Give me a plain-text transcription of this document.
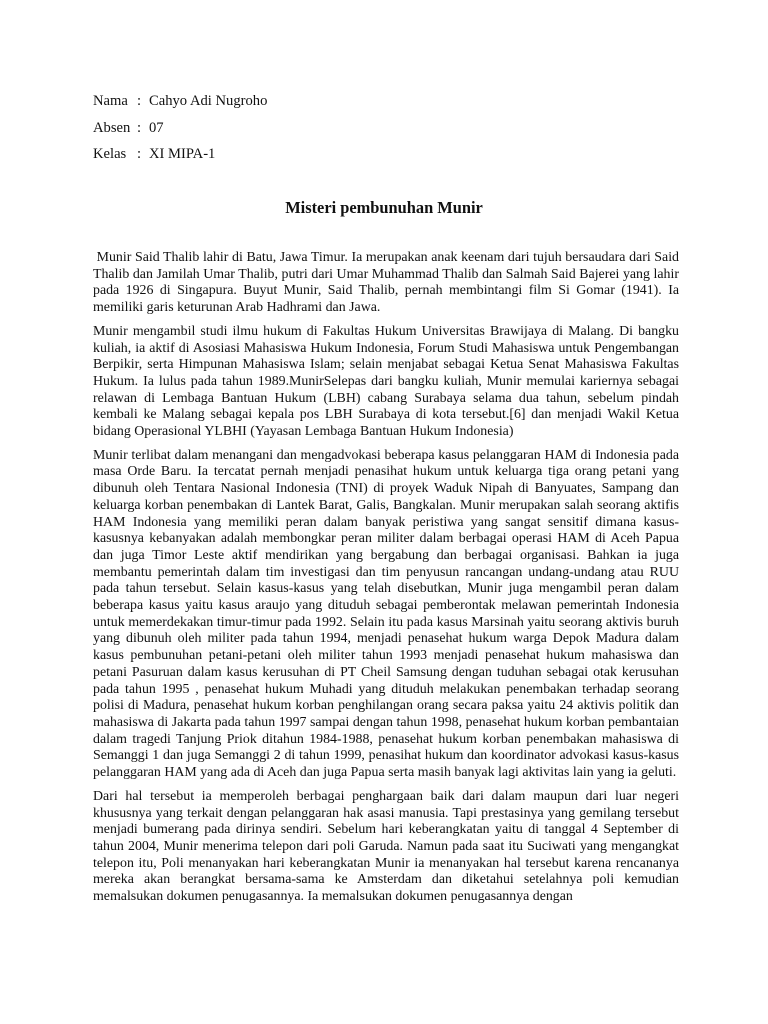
Nama : Cahyo Adi Nugroho
Absen : 07
Kelas : XI MIPA-1
Misteri pembunuhan Munir

Munir Said Thalib lahir di Batu, Jawa Timur. Ia merupakan anak keenam dari tujuh bersaudara dari Said Thalib dan Jamilah Umar Thalib, putri dari Umar Muhammad Thalib dan Salmah Said Bajerei yang lahir pada 1926 di Singapura. Buyut Munir, Said Thalib, pernah membintangi film Si Gomar (1941). Ia memiliki garis keturunan Arab Hadhrami dan Jawa.

Munir mengambil studi ilmu hukum di Fakultas Hukum Universitas Brawijaya di Malang. Di bangku kuliah, ia aktif di Asosiasi Mahasiswa Hukum Indonesia, Forum Studi Mahasiswa untuk Pengembangan Berpikir, serta Himpunan Mahasiswa Islam; selain menjabat sebagai Ketua Senat Mahasiswa Fakultas Hukum. Ia lulus pada tahun 1989.MunirSelepas dari bangku kuliah, Munir memulai kariernya sebagai relawan di Lembaga Bantuan Hukum (LBH) cabang Surabaya selama dua tahun, sebelum pindah kembali ke Malang sebagai kepala pos LBH Surabaya di kota tersebut.[6] dan menjadi Wakil Ketua bidang Operasional YLBHI (Yayasan Lembaga Bantuan Hukum Indonesia)

Munir terlibat dalam menangani dan mengadvokasi beberapa kasus pelanggaran HAM di Indonesia pada masa Orde Baru. Ia tercatat pernah menjadi penasihat hukum untuk keluarga tiga orang petani yang dibunuh oleh Tentara Nasional Indonesia (TNI) di proyek Waduk Nipah di Banyuates, Sampang dan keluarga korban penembakan di Lantek Barat, Galis, Bangkalan. Munir merupakan salah seorang aktifis HAM Indonesia yang memiliki peran dalam banyak peristiwa yang sangat sensitif dimana kasus-kasusnya kebanyakan adalah membongkar peran militer dalam berbagai operasi HAM di Aceh Papua dan juga Timor Leste aktif mendirikan yang bergabung dan berbagai organisasi. Bahkan ia juga membantu pemerintah dalam tim investigasi dan tim penyusun rancangan undang-undang atau RUU pada tahun tersebut. Selain kasus-kasus yang telah disebutkan, Munir juga mengambil peran dalam beberapa kasus yaitu kasus araujo yang dituduh sebagai pemberontak melawan pemerintah Indonesia untuk memerdekakan timur-timur pada 1992. Selain itu pada kasus Marsinah yaitu seorang aktivis buruh yang dibunuh oleh militer pada tahun 1994, menjadi penasehat hukum warga Depok Madura dalam kasus pembunuhan petani-petani oleh militer tahun 1993 menjadi penasehat hukum mahasiswa dan petani Pasuruan dalam kasus kerusuhan di PT Cheil Samsung dengan tuduhan sebagai otak kerusuhan pada tahun 1995 , penasehat hukum Muhadi yang dituduh melakukan penembakan terhadap seorang polisi di Madura, penasehat hukum korban penghilangan orang secara paksa yaitu 24 aktivis politik dan mahasiswa di Jakarta pada tahun 1997 sampai dengan tahun 1998, penasehat hukum korban pembantaian dalam tragedi Tanjung Priok ditahun 1984-1988, penasehat hukum korban penembakan mahasiswa di Semanggi 1 dan juga Semanggi 2 di tahun 1999, penasihat hukum dan koordinator advokasi kasus-kasus pelanggaran HAM yang ada di Aceh dan juga Papua serta masih banyak lagi aktivitas lain yang ia geluti.

Dari hal tersebut ia memperoleh berbagai penghargaan baik dari dalam maupun dari luar negeri khususnya yang terkait dengan pelanggaran hak asasi manusia. Tapi prestasinya yang gemilang tersebut menjadi bumerang pada dirinya sendiri. Sebelum hari keberangkatan yaitu di tanggal 4 September di tahun 2004, Munir menerima telepon dari poli Garuda. Namun pada saat itu Suciwati yang mengangkat telepon itu, Poli menanyakan hari keberangkatan Munir ia menanyakan hal tersebut karena rencananya mereka akan berangkat bersama-sama ke Amsterdam dan diketahui setelahnya poli kemudian memalsukan dokumen penugasannya. Ia memalsukan dokumen penugasannya dengan
